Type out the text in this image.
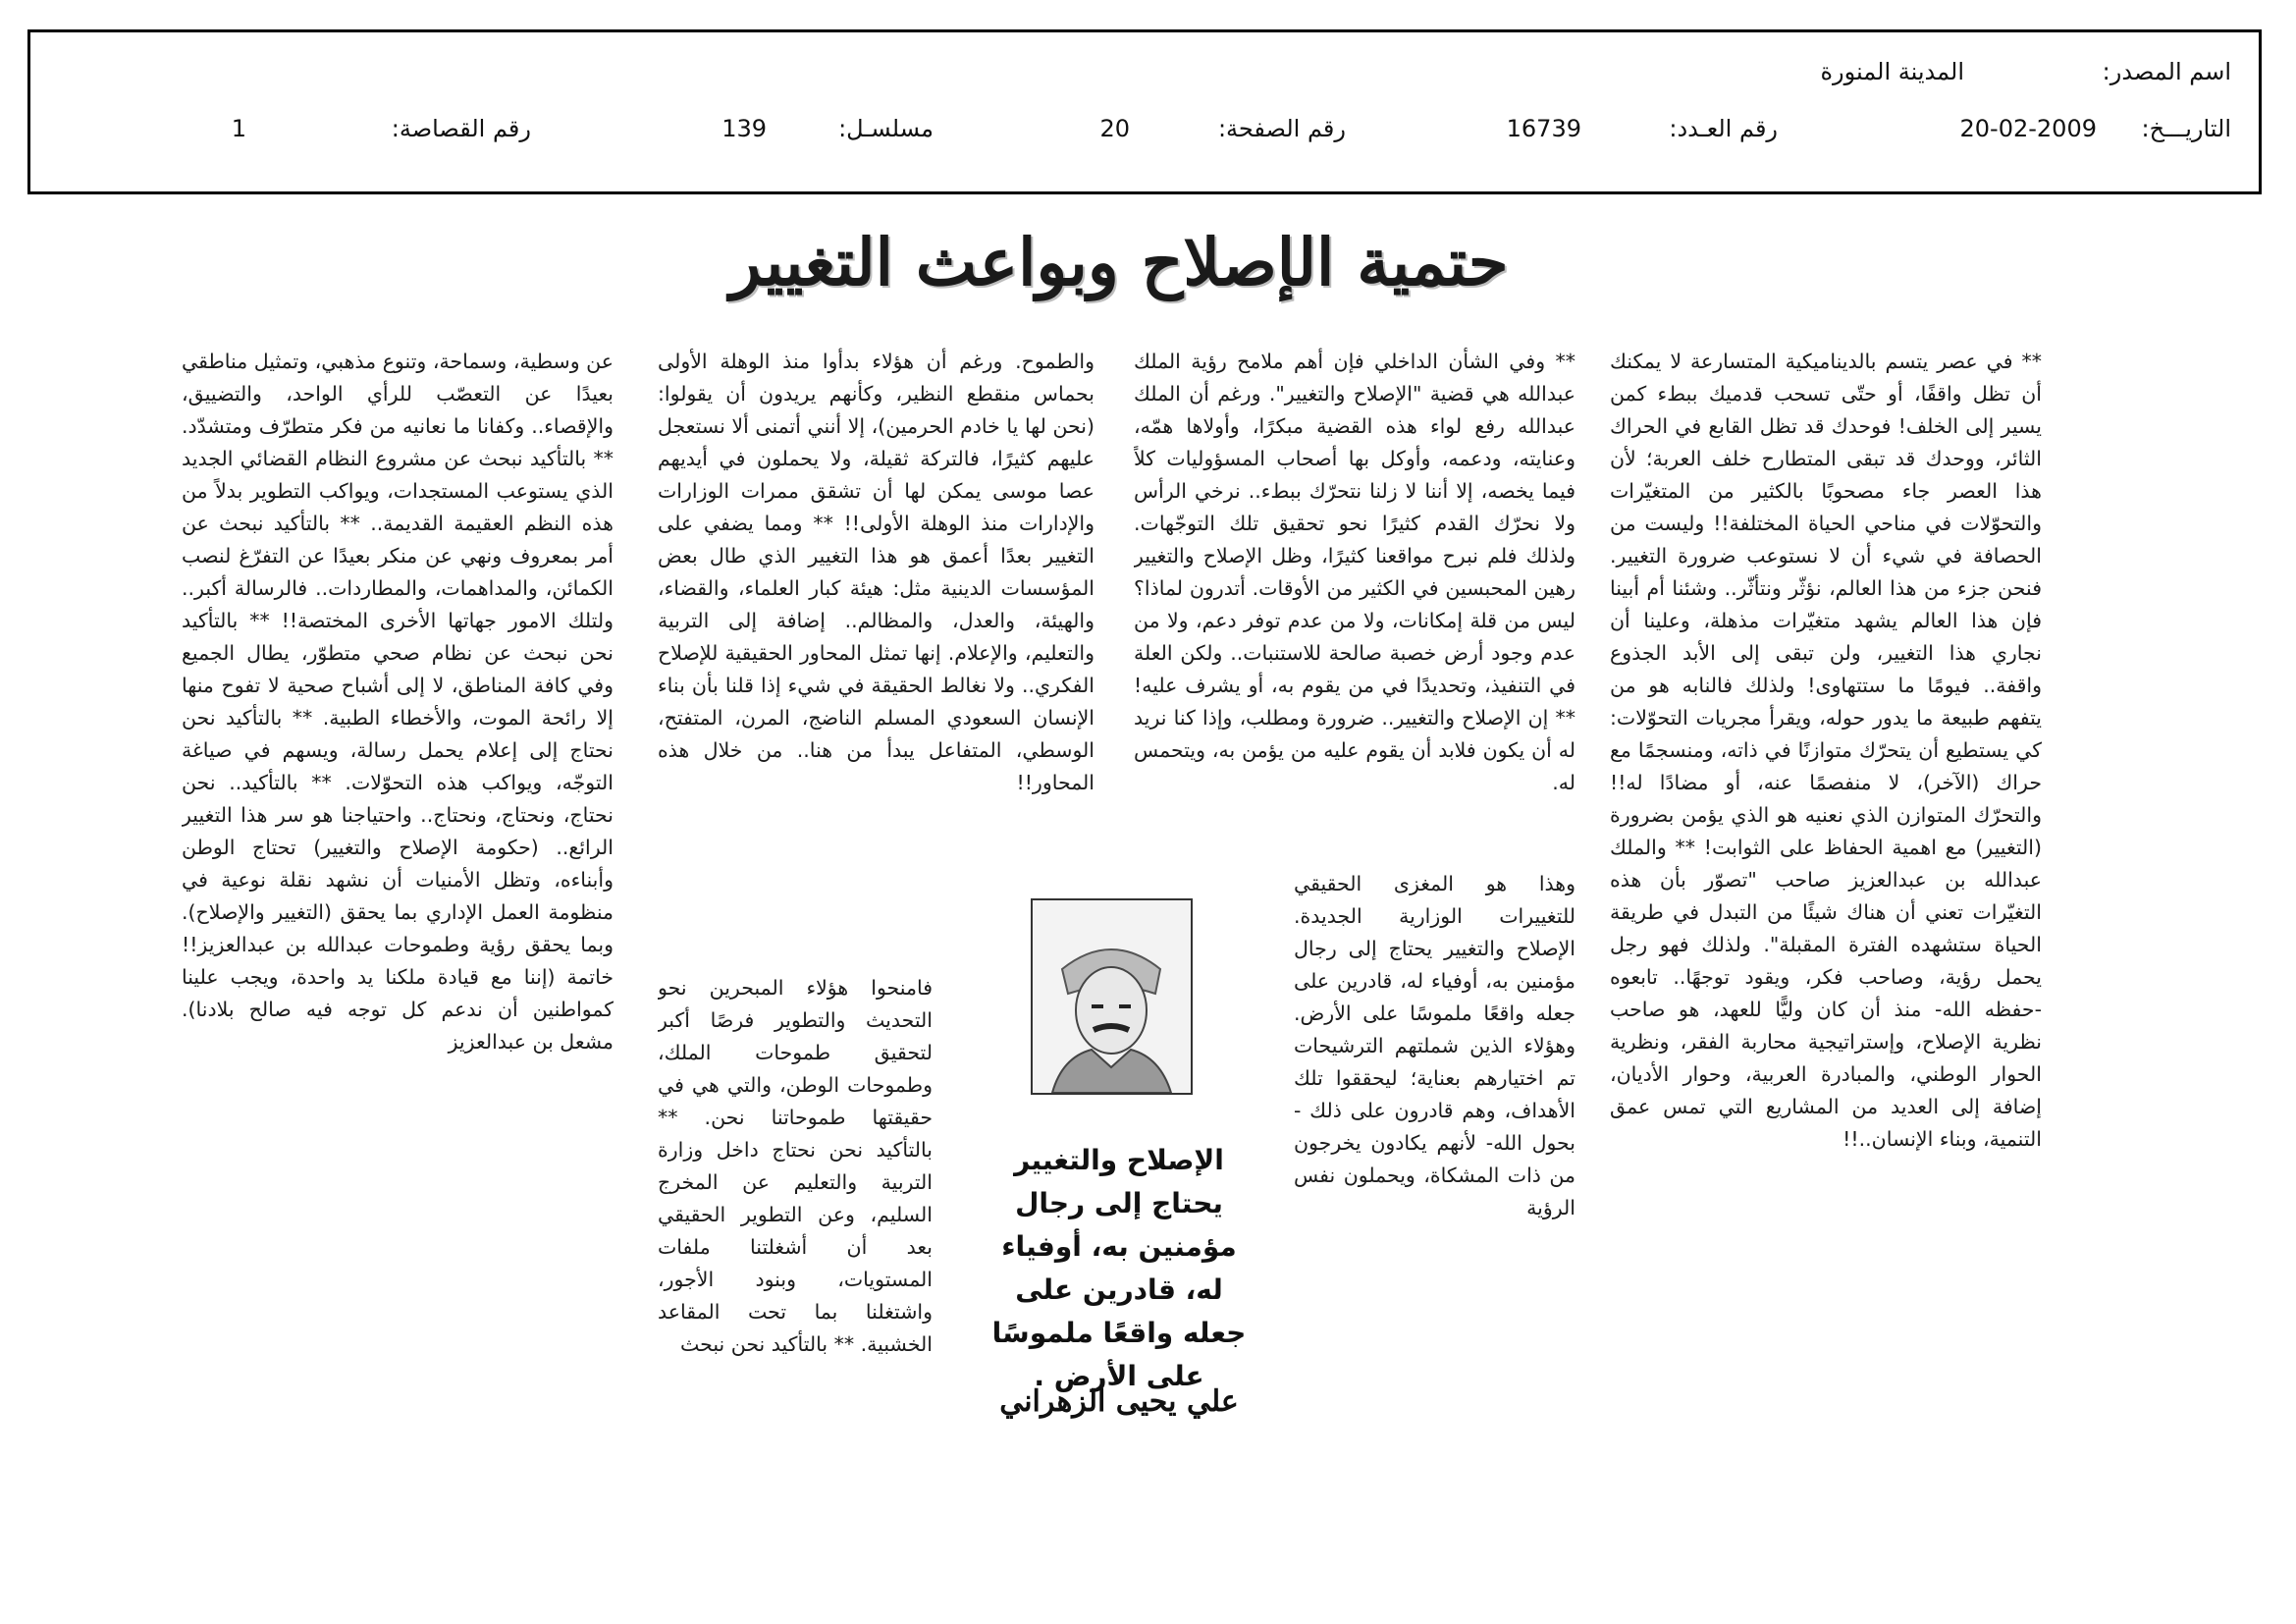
اسم المصدر:
المدينة المنورة
التاريـــخ:
20-02-2009
رقم العـدد:
16739
رقم الصفحة:
20
مسلسـل:
139
رقم القصاصة:
1
حتمية الإصلاح وبواعث التغيير

** في عصر يتسم بالديناميكية المتسارعة لا يمكنك أن تظل واقفًا، أو حتّى تسحب قدميك ببطء كمن يسير إلى الخلف! فوحدك قد تظل القابع في الحراك الثائر، ووحدك قد تبقى المتطارح خلف العربة؛ لأن هذا العصر جاء مصحوبًا بالكثير من المتغيّرات والتحوّلات في مناحي الحياة المختلفة!! وليست من الحصافة في شيء أن لا نستوعب ضرورة التغيير. فنحن جزء من هذا العالم، نؤثّر ونتأثّر.. وشئنا أم أبينا فإن هذا العالم يشهد متغيّرات مذهلة، وعلينا أن نجاري هذا التغيير، ولن تبقى إلى الأبد الجذوع واقفة.. فيومًا ما ستتهاوى! ولذلك فالنابه هو من يتفهم طبيعة ما يدور حوله، ويقرأ مجريات التحوّلات: كي يستطيع أن يتحرّك متوازنًا في ذاته، ومنسجمًا مع حراك (الآخر)، لا منفصمًا عنه، أو مضادًا له!! والتحرّك المتوازن الذي نعنيه هو الذي يؤمن بضرورة (التغيير) مع اهمية الحفاظ على الثوابت! ** والملك عبدالله بن عبدالعزيز صاحب "تصوّر بأن هذه التغيّرات تعني أن هناك شيئًا من التبدل في طريقة الحياة ستشهده الفترة المقبلة". ولذلك فهو رجل يحمل رؤية، وصاحب فكر، ويقود توجهًا.. تابعوه -حفظه الله- منذ أن كان وليًّا للعهد، هو صاحب نظرية الإصلاح، وإستراتيجية محاربة الفقر، ونظرية الحوار الوطني، والمبادرة العربية، وحوار الأديان، إضافة إلى العديد من المشاريع التي تمس عمق التنمية، وبناء الإنسان..!!

** وفي الشأن الداخلي فإن أهم ملامح رؤية الملك عبدالله هي قضية "الإصلاح والتغيير". ورغم أن الملك عبدالله رفع لواء هذه القضية مبكرًا، وأولاها همّه، وعنايته، ودعمه، وأوكل بها أصحاب المسؤوليات كلاً فيما يخصه، إلا أننا لا زلنا نتحرّك ببطء.. نرخي الرأس ولا نحرّك القدم كثيرًا نحو تحقيق تلك التوجّهات. ولذلك فلم نبرح مواقعنا كثيرًا، وظل الإصلاح والتغيير رهين المحبسين في الكثير من الأوقات. أتدرون لماذا؟ ليس من قلة إمكانات، ولا من عدم توفر دعم، ولا من عدم وجود أرض خصبة صالحة للاستنبات.. ولكن العلة في التنفيذ، وتحديدًا في من يقوم به، أو يشرف عليه! ** إن الإصلاح والتغيير.. ضرورة ومطلب، وإذا كنا نريد له أن يكون فلابد أن يقوم عليه من يؤمن به، ويتحمس له.

وهذا هو المغزى الحقيقي للتغييرات الوزارية الجديدة. الإصلاح والتغيير يحتاج إلى رجال مؤمنين به، أوفياء له، قادرين على جعله واقعًا ملموسًا على الأرض. وهؤلاء الذين شملتهم الترشيحات تم اختيارهم بعناية؛ ليحققوا تلك الأهداف، وهم قادرون على ذلك - بحول الله- لأنهم يكادون يخرجون من ذات المشكاة، ويحملون نفس الرؤية

والطموح. ورغم أن هؤلاء بدأوا منذ الوهلة الأولى بحماس منقطع النظير، وكأنهم يريدون أن يقولوا: (نحن لها يا خادم الحرمين)، إلا أنني أتمنى ألا نستعجل عليهم كثيرًا، فالتركة ثقيلة، ولا يحملون في أيديهم عصا موسى يمكن لها أن تشقق ممرات الوزارات والإدارات منذ الوهلة الأولى!! ** ومما يضفي على التغيير بعدًا أعمق هو هذا التغيير الذي طال بعض المؤسسات الدينية مثل: هيئة كبار العلماء، والقضاء، والهيئة، والعدل، والمظالم.. إضافة إلى التربية والتعليم، والإعلام. إنها تمثل المحاور الحقيقية للإصلاح الفكري.. ولا نغالط الحقيقة في شيء إذا قلنا بأن بناء الإنسان السعودي المسلم الناضج، المرن، المتفتح، الوسطي، المتفاعل يبدأ من هنا.. من خلال هذه المحاور!!

فامنحوا هؤلاء المبحرين نحو التحديث والتطوير فرصًا أكبر لتحقيق طموحات الملك، وطموحات الوطن، والتي هي في حقيقتها طموحاتنا نحن. ** بالتأكيد نحن نحتاج داخل وزارة التربية والتعليم عن المخرج السليم، وعن التطوير الحقيقي بعد أن أشغلتنا ملفات المستويات، وبنود الأجور، واشتغلنا بما تحت المقاعد الخشبية. ** بالتأكيد نحن نبحث

عن وسطية، وسماحة، وتنوع مذهبي، وتمثيل مناطقي بعيدًا عن التعصّب للرأي الواحد، والتضييق، والإقصاء.. وكفانا ما نعانيه من فكر متطرّف ومتشدّد. ** بالتأكيد نبحث عن مشروع النظام القضائي الجديد الذي يستوعب المستجدات، ويواكب التطوير بدلاً من هذه النظم العقيمة القديمة.. ** بالتأكيد نبحث عن أمر بمعروف ونهي عن منكر بعيدًا عن التفرّغ لنصب الكمائن، والمداهمات، والمطاردات.. فالرسالة أكبر.. ولتلك الامور جهاتها الأخرى المختصة!! ** بالتأكيد نحن نبحث عن نظام صحي متطوّر، يطال الجميع وفي كافة المناطق، لا إلى أشباح صحية لا تفوح منها إلا رائحة الموت، والأخطاء الطبية. ** بالتأكيد نحن نحتاج إلى إعلام يحمل رسالة، ويسهم في صياغة التوجّه، ويواكب هذه التحوّلات. ** بالتأكيد.. نحن نحتاج، ونحتاج، ونحتاج.. واحتياجنا هو سر هذا التغيير الرائع.. (حكومة الإصلاح والتغيير) تحتاج الوطن وأبناءه، وتظل الأمنيات أن نشهد نقلة نوعية في منظومة العمل الإداري بما يحقق (التغيير والإصلاح). وبما يحقق رؤية وطموحات عبدالله بن عبدالعزيز!! خاتمة (إننا مع قيادة ملكنا يد واحدة، ويجب علينا كمواطنين أن ندعم كل توجه فيه صالح بلادنا). مشعل بن عبدالعزيز

الإصلاح والتغيير يحتاج إلى رجال مؤمنين به، أوفياء له، قادرين على جعله واقعًا ملموسًا على الأرض .
علي يحيى الزهراني
